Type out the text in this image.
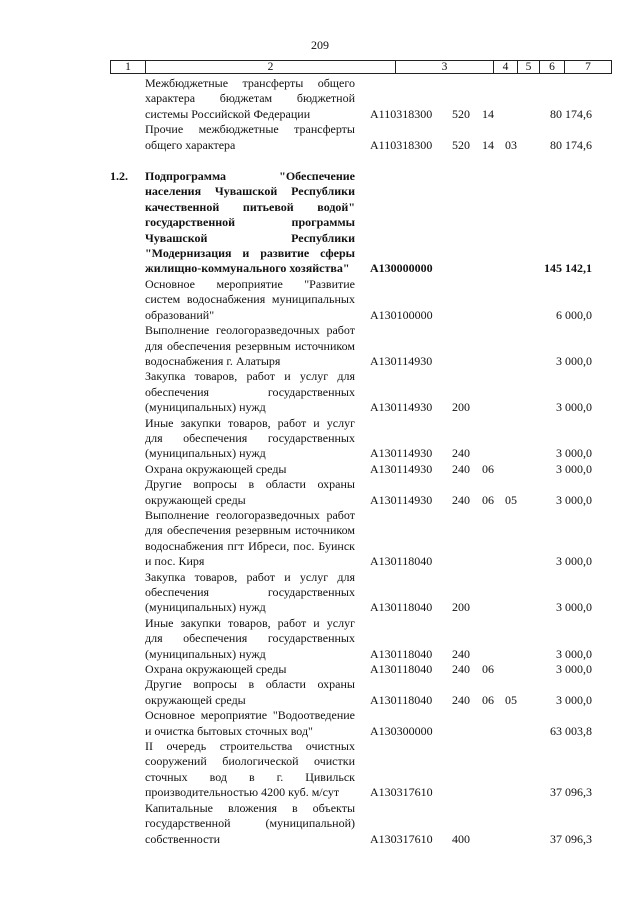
209
1	2	3	4	5	6	7
Межбюджетные трансферты общего характера бюджетам бюджетной системы Российской Федерации	А110318300 520 14	80 174,6
Прочие межбюджетные трансферты общего характера	А110318300 520 14 03	80 174,6
1.2.	Подпрограмма "Обеспечение населения Чувашской Республики качественной питьевой водой" государственной программы Чувашской Республики "Модернизация и развитие сферы жилищно-коммунального хозяйства"	А130000000	145 142,1
Основное мероприятие "Развитие систем водоснабжения муниципальных образований"	А130100000	6 000,0
Выполнение геологоразведочных работ для обеспечения резервным источником водоснабжения г. Алатыря	А130114930	3 000,0
Закупка товаров, работ и услуг для обеспечения государственных (муниципальных) нужд	А130114930 200	3 000,0
Иные закупки товаров, работ и услуг для обеспечения государственных (муниципальных) нужд	А130114930 240	3 000,0
Охрана окружающей среды	А130114930 240 06	3 000,0
Другие вопросы в области охраны окружающей среды	А130114930 240 06 05	3 000,0
Выполнение геологоразведочных работ для обеспечения резервным источником водоснабжения пгт Ибреси, пос. Буинск и пос. Киря	А130118040	3 000,0
Закупка товаров, работ и услуг для обеспечения государственных (муниципальных) нужд	А130118040 200	3 000,0
Иные закупки товаров, работ и услуг для обеспечения государственных (муниципальных) нужд	А130118040 240	3 000,0
Охрана окружающей среды	А130118040 240 06	3 000,0
Другие вопросы в области охраны окружающей среды	А130118040 240 06 05	3 000,0
Основное мероприятие "Водоотведение и очистка бытовых сточных вод"	А130300000	63 003,8
II очередь строительства очистных сооружений биологической очистки сточных вод в г. Цивильск производительностью 4200 куб. м/сут	А130317610	37 096,3
Капитальные вложения в объекты государственной (муниципальной) собственности	А130317610 400	37 096,3
